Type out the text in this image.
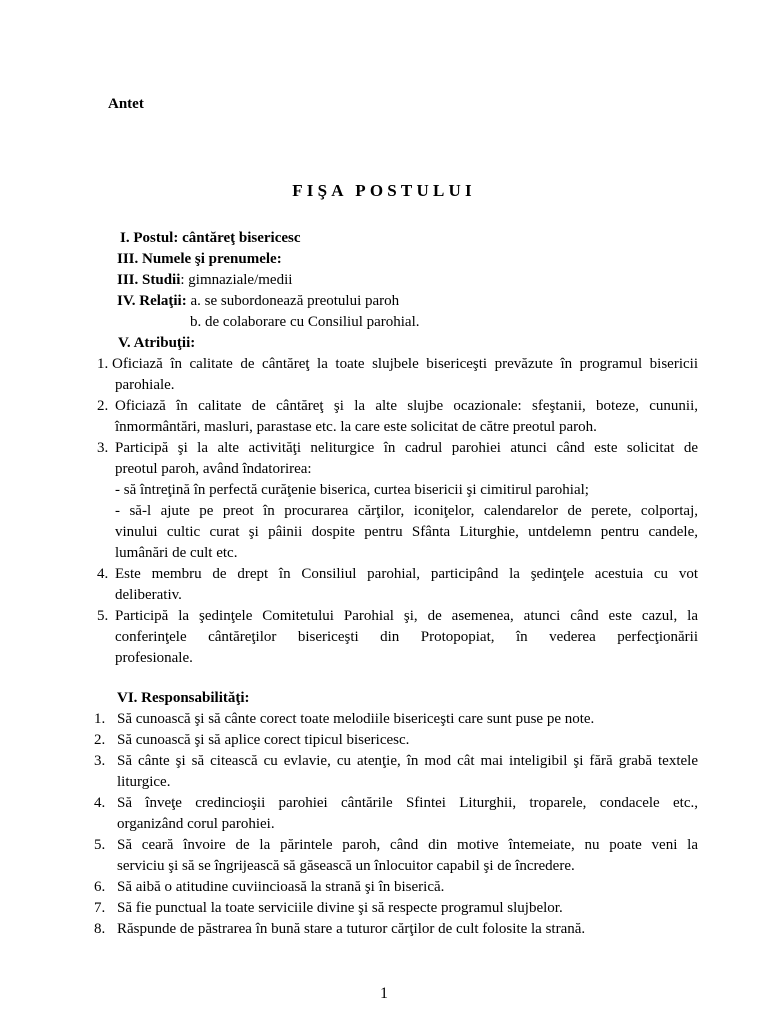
Antet
FIŞA POSTULUI
I. Postul: cântăreţ bisericesc
III. Numele şi prenumele:
III. Studii: gimnaziale/medii
IV. Relaţii: a. se subordonează preotului paroh
b. de colaborare cu Consiliul parohial.
V. Atribuţii:
1. Oficiază în calitate de cântăreţ la toate slujbele bisericeşti prevăzute în programul bisericii
parohiale.
2. Oficiază în calitate de cântăreţ şi la alte slujbe ocazionale: sfeştanii, boteze, cununii,
înmormântări, masluri, parastase etc. la care este solicitat de către preotul paroh.
3. Participă şi la alte activităţi neliturgice în cadrul parohiei atunci când este solicitat de
preotul paroh, având îndatorirea:
- să întreţină în perfectă curăţenie biserica, curtea bisericii şi cimitirul parohial;
- să-l ajute pe preot în procurarea cărţilor, iconiţelor, calendarelor de perete, colportaj,
vinului cultic curat şi pâinii dospite pentru Sfânta Liturghie, untdelemn pentru candele,
lumânări de cult etc.
4. Este membru de drept în Consiliul parohial, participând la şedinţele acestuia cu vot
deliberativ.
5. Participă la şedinţele Comitetului Parohial şi, de asemenea, atunci când este cazul, la
conferinţele cântăreţilor bisericeşti din Protopopiat, în vederea perfecţionării
profesionale.
VI. Responsabilităţi:
1. Să cunoască şi să cânte corect toate melodiile bisericeşti care sunt puse pe note.
2. Să cunoască şi să aplice corect tipicul bisericesc.
3. Să cânte şi să citească cu evlavie, cu atenţie, în mod cât mai inteligibil şi fără grabă textele
liturgice.
4. Să înveţe credincioşii parohiei cântările Sfintei Liturghii, troparele, condacele etc.,
organizând corul parohiei.
5. Să ceară învoire de la părintele paroh, când din motive întemeiate, nu poate veni la
serviciu şi să se îngrijească să găsească un înlocuitor capabil şi de încredere.
6. Să aibă o atitudine cuviincioasă la strană şi în biserică.
7. Să fie punctual la toate serviciile divine şi să respecte programul slujbelor.
8. Răspunde de păstrarea în bună stare a tuturor cărţilor de cult folosite la strană.
1
